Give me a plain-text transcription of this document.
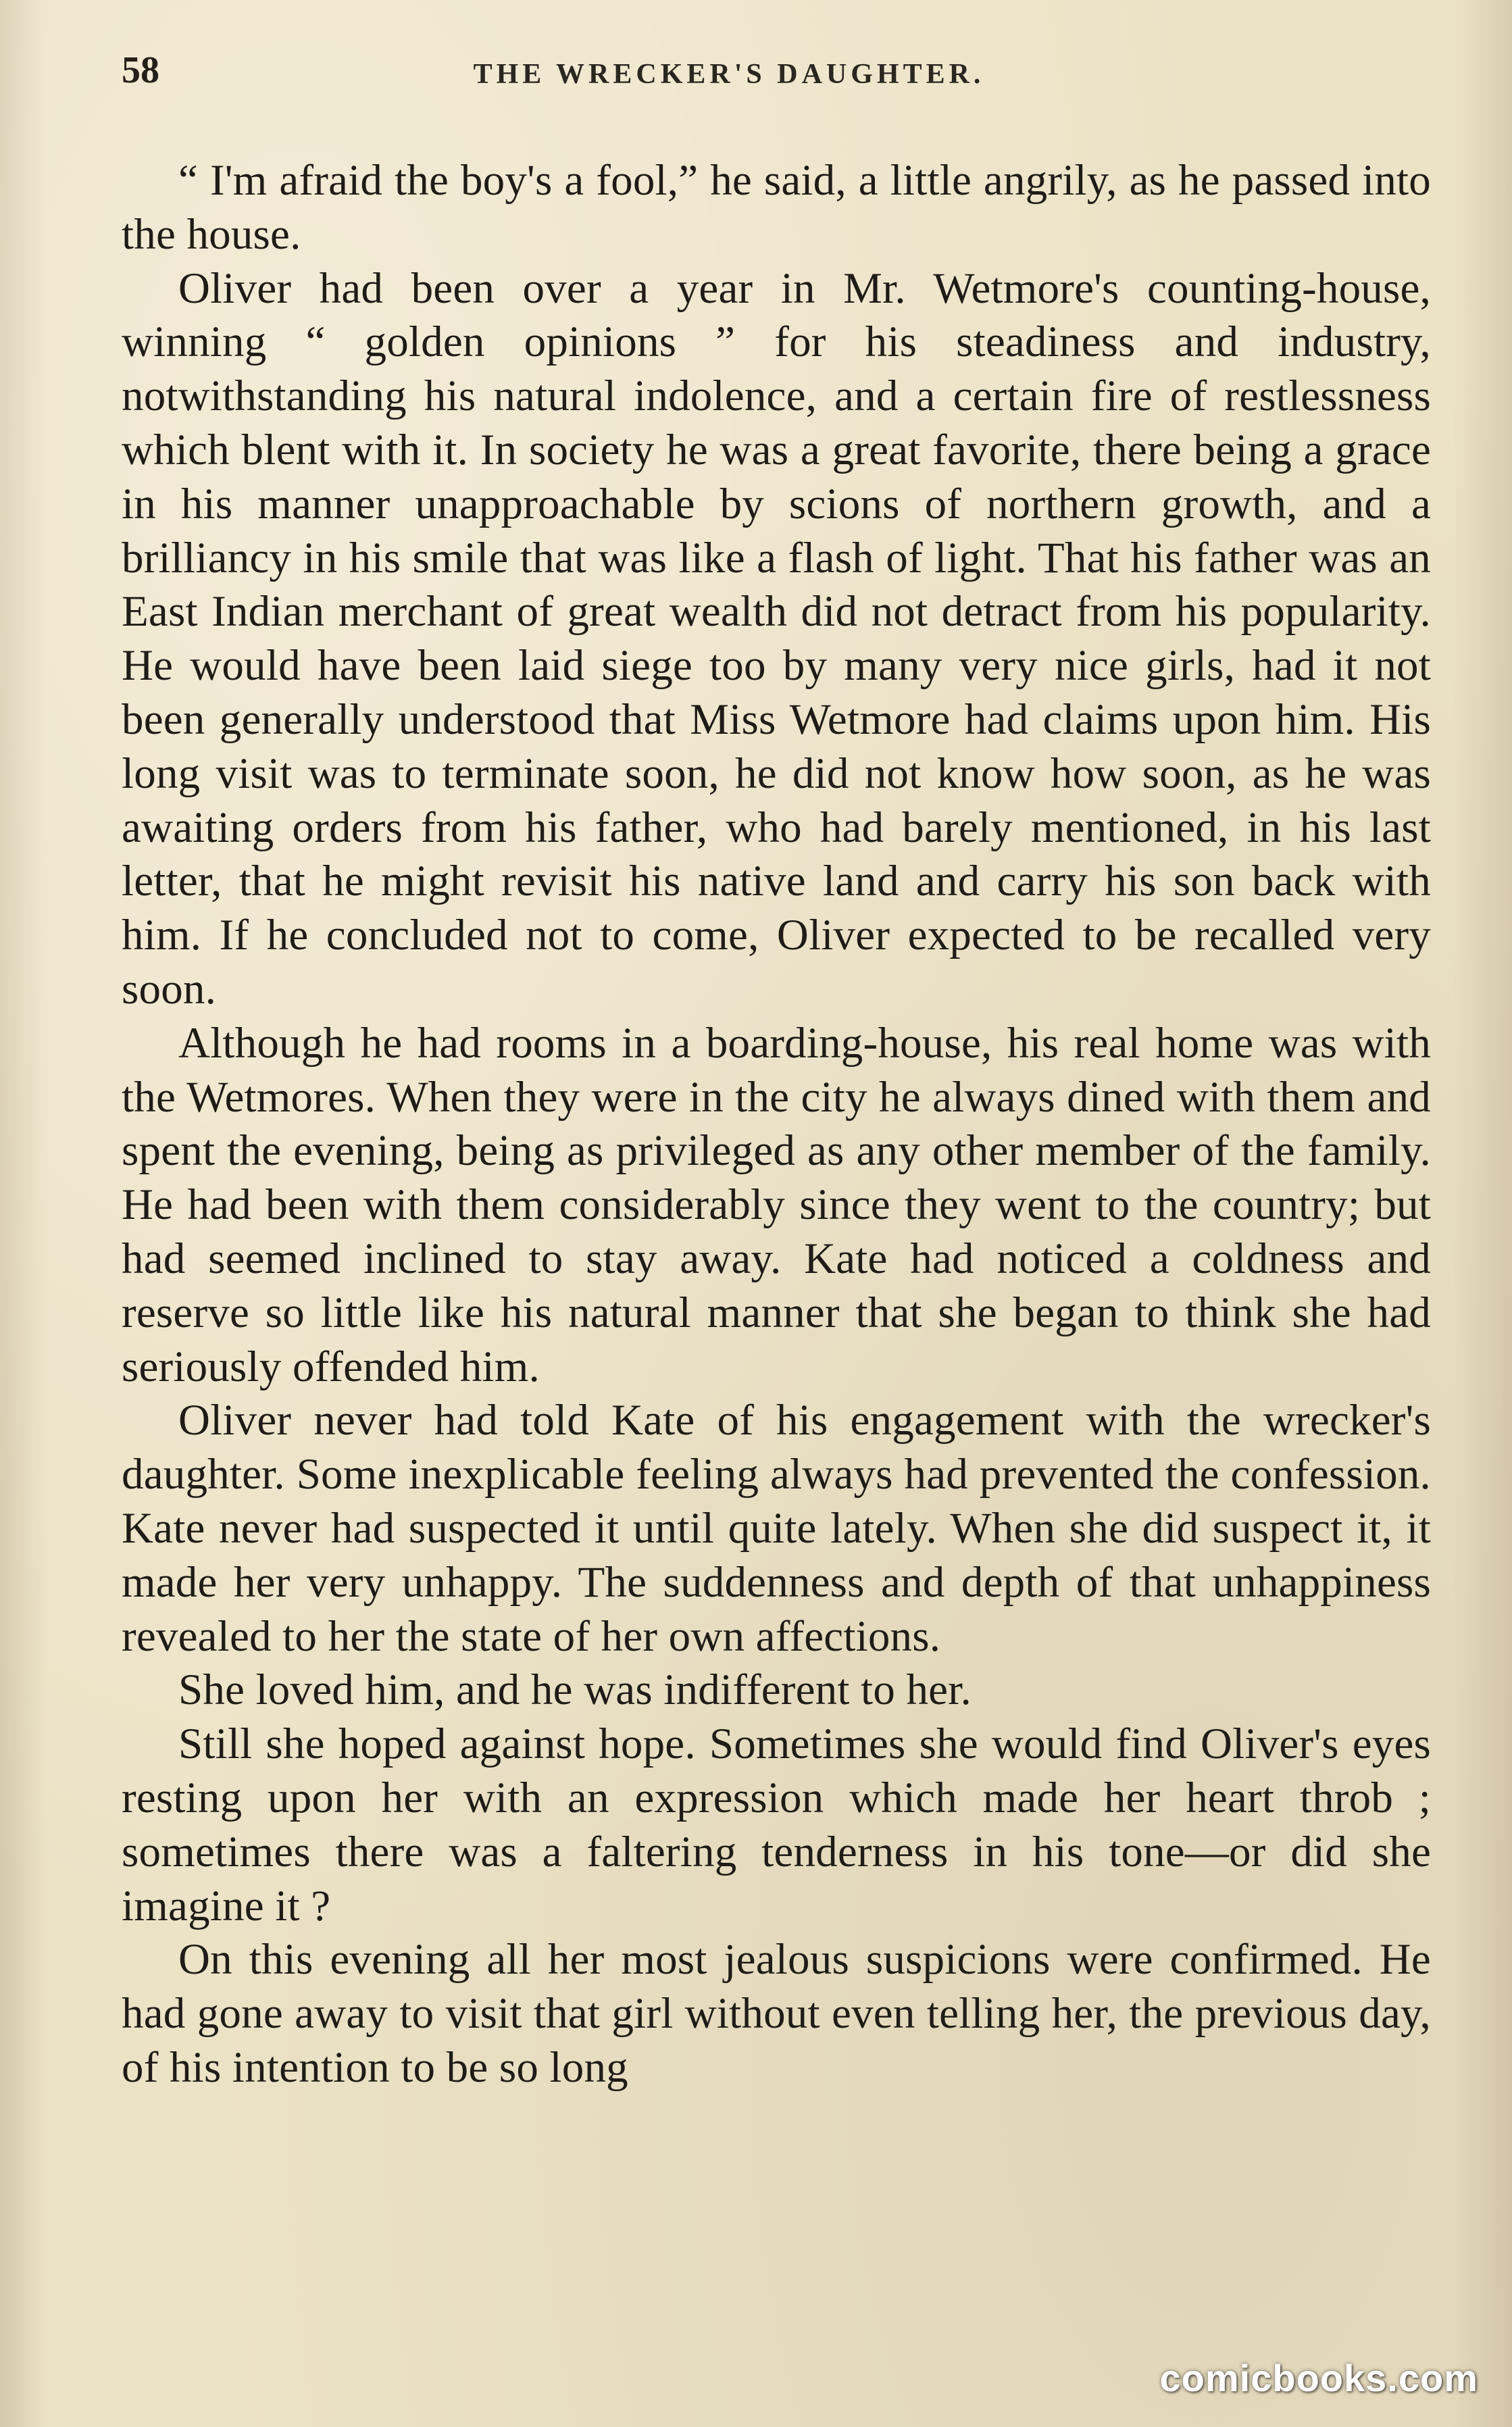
58	THE WRECKER'S DAUGHTER.

“ I'm afraid the boy's a fool,” he said, a little angrily, as he passed into the house.

Oliver had been over a year in Mr. Wetmore's counting-house, winning “ golden opinions ” for his steadiness and industry, notwithstanding his natural indolence, and a certain fire of restlessness which blent with it. In society he was a great favorite, there being a grace in his manner unapproachable by scions of northern growth, and a brilliancy in his smile that was like a flash of light. That his father was an East Indian merchant of great wealth did not detract from his popularity. He would have been laid siege too by many very nice girls, had it not been generally understood that Miss Wetmore had claims upon him. His long visit was to terminate soon, he did not know how soon, as he was awaiting orders from his father, who had barely mentioned, in his last letter, that he might revisit his native land and carry his son back with him. If he concluded not to come, Oliver expected to be recalled very soon.

Although he had rooms in a boarding-house, his real home was with the Wetmores. When they were in the city he always dined with them and spent the evening, being as privileged as any other member of the family. He had been with them considerably since they went to the country; but had seemed inclined to stay away. Kate had noticed a coldness and reserve so little like his natural manner that she began to think she had seriously offended him.

Oliver never had told Kate of his engagement with the wrecker's daughter. Some inexplicable feeling always had prevented the confession. Kate never had suspected it until quite lately. When she did suspect it, it made her very unhappy. The suddenness and depth of that unhappiness revealed to her the state of her own affections.

She loved him, and he was indifferent to her.

Still she hoped against hope. Sometimes she would find Oliver's eyes resting upon her with an expression which made her heart throb ; sometimes there was a faltering tenderness in his tone—or did she imagine it ?

On this evening all her most jealous suspicions were confirmed. He had gone away to visit that girl without even telling her, the previous day, of his intention to be so long

comicbooks.com
